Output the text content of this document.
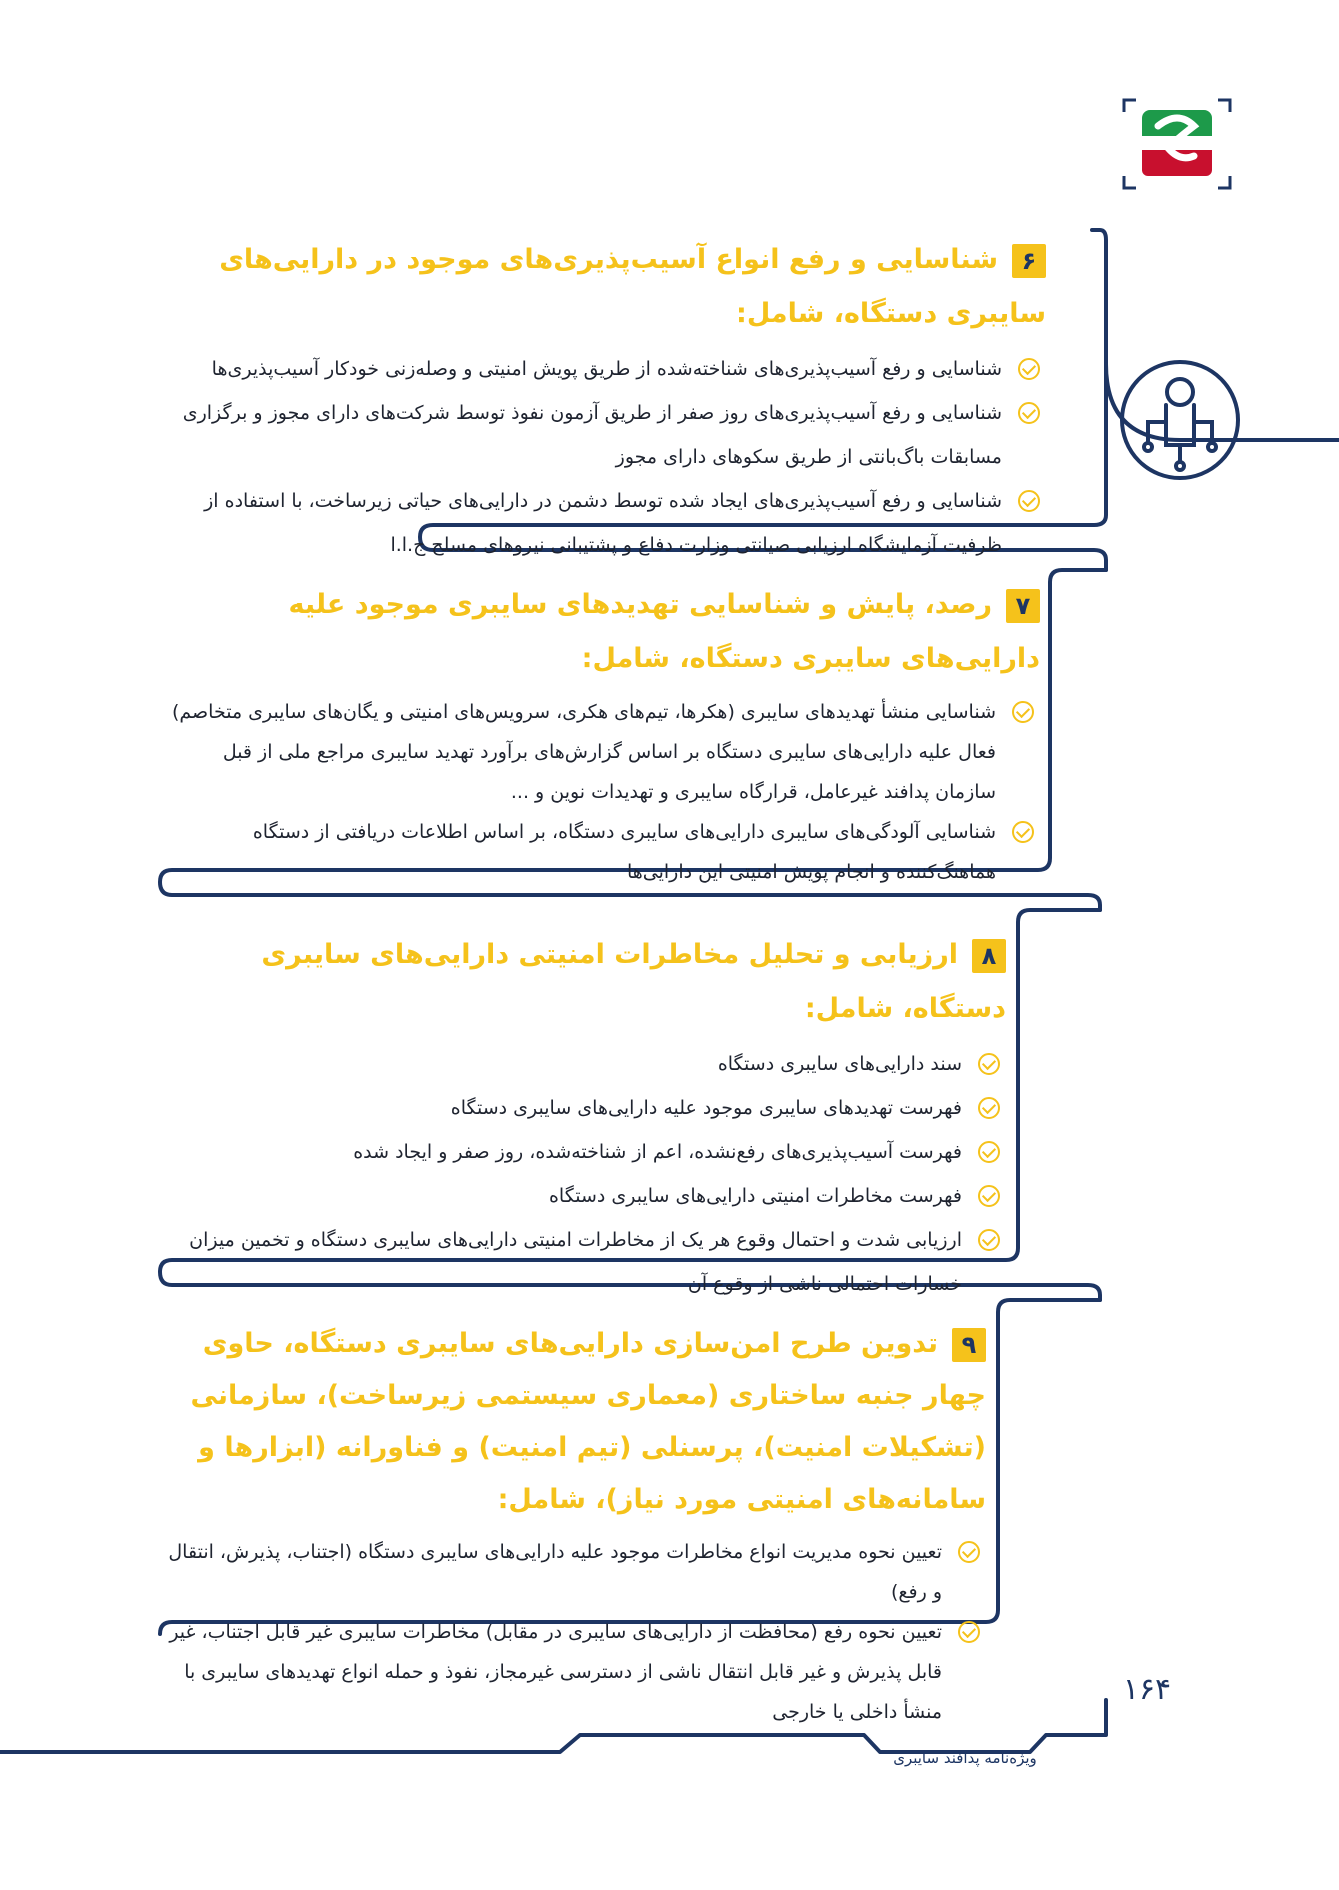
۶شناسایی و رفع انواع آسیب‌پذیری‌های موجود در دارایی‌های سایبری دستگاه، شامل:
شناسایی و رفع آسیب‌پذیری‌های شناخته‌شده از طریق پویش امنیتی و وصله‌زنی خودکار آسیب‌پذیری‌ها
شناسایی و رفع آسیب‌پذیری‌های روز صفر از طریق آزمون نفوذ توسط شرکت‌های دارای مجوز و برگزاری مسابقات باگ‌بانتی از طریق سکوهای دارای مجوز
شناسایی و رفع آسیب‌پذیری‌های ایجاد شده توسط دشمن در دارایی‌های حیاتی زیرساخت، با استفاده از ظرفیت آزمایشگاه ارزیابی صیانتی وزارت دفاع و پشتیبانی نیروهای مسلح ج.ا.ا
۷رصد، پایش و شناسایی تهدیدهای سایبری موجود علیه دارایی‌های سایبری دستگاه، شامل:
شناسایی منشأ تهدیدهای سایبری (هکرها، تیم‌های هکری، سرویس‌های امنیتی و یگان‌های سایبری متخاصم) فعال علیه دارایی‌های سایبری دستگاه بر اساس گزارش‌های برآورد تهدید سایبری مراجع ملی از قبل سازمان پدافند غیرعامل، قرارگاه سایبری و تهدیدات نوین و ...
شناسایی آلودگی‌های سایبری دارایی‌های سایبری دستگاه، بر اساس اطلاعات دریافتی از دستگاه هماهنگ‌کننده و انجام پویش امنیتی این دارایی‌ها
۸ارزیابی و تحلیل مخاطرات امنیتی دارایی‌های سایبری دستگاه، شامل:
سند دارایی‌های سایبری دستگاه
فهرست تهدیدهای سایبری موجود علیه دارایی‌های سایبری دستگاه
فهرست آسیب‌پذیری‌های رفع‌نشده، اعم از شناخته‌شده، روز صفر و ایجاد شده
فهرست مخاطرات امنیتی دارایی‌های سایبری دستگاه
ارزیابی شدت و احتمال وقوع هر یک از مخاطرات امنیتی دارایی‌های سایبری دستگاه و تخمین میزان خسارات احتمالی ناشی از وقوع آن
۹تدوین طرح امن‌سازی دارایی‌های سایبری دستگاه، حاوی چهار جنبه ساختاری (معماری سیستمی زیرساخت)، سازمانی (تشکیلات امنیت)، پرسنلی (تیم امنیت) و فناورانه (ابزارها و سامانه‌های امنیتی مورد نیاز)، شامل:
تعیین نحوه مدیریت انواع مخاطرات موجود علیه دارایی‌های سایبری دستگاه (اجتناب، پذیرش، انتقال و رفع)
تعیین نحوه رفع (محافظت از دارایی‌های سایبری در مقابل) مخاطرات سایبری غیر قابل اجتناب، غیر قابل پذیرش و غیر قابل انتقال ناشی از دسترسی غیرمجاز، نفوذ و حمله انواع تهدیدهای سایبری با منشأ داخلی یا خارجی
۱۶۴
ویژه‌نامه پدافند سایبری
